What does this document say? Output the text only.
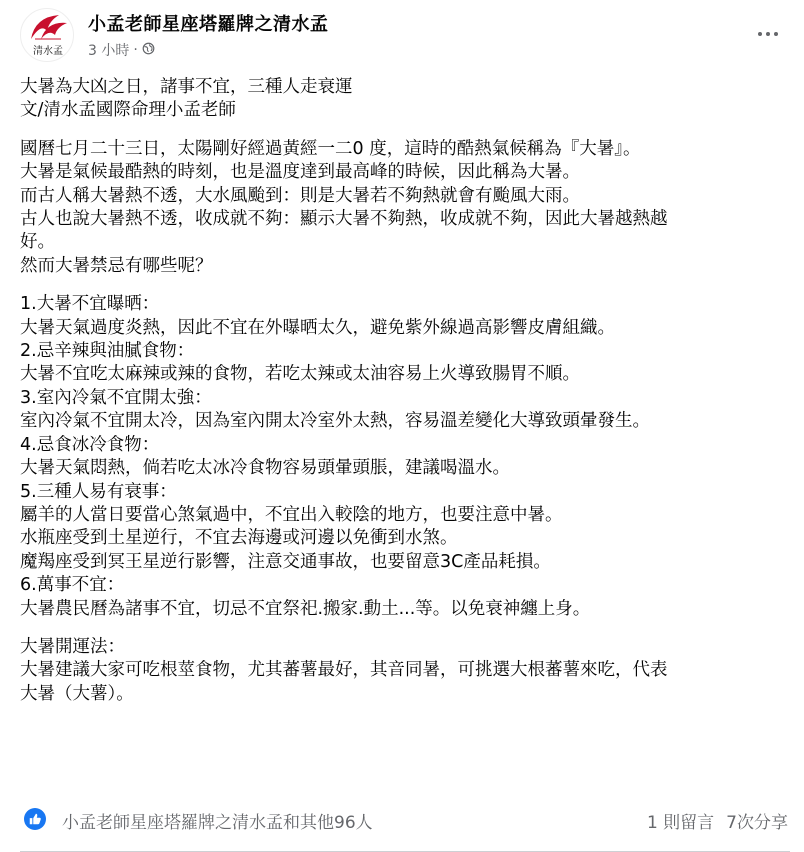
清水孟
小孟老師星座塔羅牌之清水孟
3 小時 ·

大暑為大凶之日，諸事不宜，三種人走衰運

文/清水孟國際命理小孟老師

國曆七月二十三日，太陽剛好經過黃經一二0 度，這時的酷熱氣候稱為『大暑』。

大暑是氣候最酷熱的時刻，也是溫度達到最高峰的時候，因此稱為大暑。

而古人稱大暑熱不透，大水風颱到：則是大暑若不夠熱就會有颱風大雨。

古人也說大暑熱不透，收成就不夠：顯示大暑不夠熱，收成就不夠，因此大暑越熱越

好。

然而大暑禁忌有哪些呢？

1.大暑不宜曝晒：

大暑天氣過度炎熱，因此不宜在外曝晒太久，避免紫外線過高影響皮膚組織。

2.忌辛辣與油膩食物：

大暑不宜吃太麻辣或辣的食物，若吃太辣或太油容易上火導致腸胃不順。

3.室內冷氣不宜開太強：

室內冷氣不宜開太冷，因為室內開太冷室外太熱，容易溫差變化大導致頭暈發生。

4.忌食冰冷食物：

大暑天氣悶熱，倘若吃太冰冷食物容易頭暈頭脹，建議喝溫水。

5.三種人易有衰事：

屬羊的人當日要當心煞氣過中，不宜出入較陰的地方，也要注意中暑。

水瓶座受到土星逆行，不宜去海邊或河邊以免衝到水煞。

魔羯座受到冥王星逆行影響，注意交通事故，也要留意3C產品耗損。

6.萬事不宜：

大暑農民曆為諸事不宜，切忌不宜祭祀.搬家.動土...等。以免衰神纏上身。

大暑開運法：

大暑建議大家可吃根莖食物，尤其蕃薯最好，其音同暑，可挑選大根蕃薯來吃，代表

大暑（大薯）。

小孟老師星座塔羅牌之清水孟和其他96人	1 則留言 7次分享
